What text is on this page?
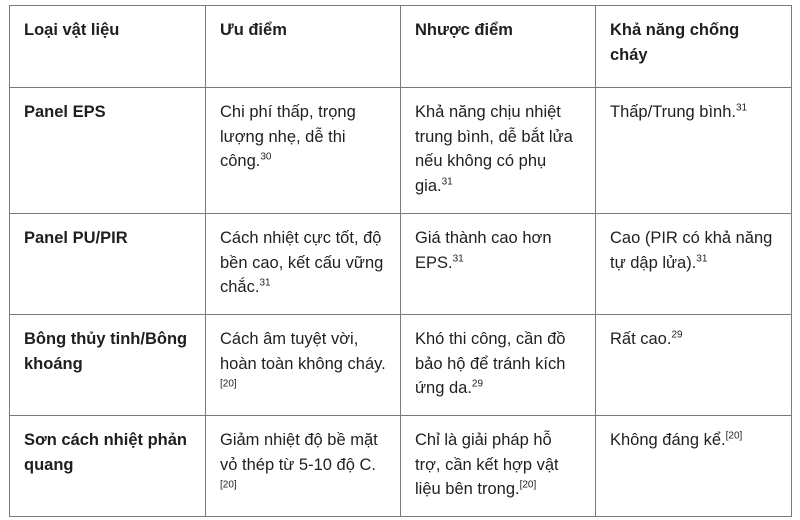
Loại vật liệu	Ưu điểm	Nhược điểm	Khả năng chống cháy
Panel EPS	Chi phí thấp, trọng lượng nhẹ, dễ thi công.$^{30}$	Khả năng chịu nhiệt trung bình, dễ bắt lửa nếu không có phụ gia.$^{31}$	Thấp/Trung bình.$^{31}$
Panel PU/PIR	Cách nhiệt cực tốt, độ bền cao, kết cấu vững chắc.$^{31}$	Giá thành cao hơn EPS.$^{31}$	Cao (PIR có khả năng tự dập lửa).$^{31}$
Bông thủy tinh/Bông khoáng	Cách âm tuyệt vời, hoàn toàn không cháy.[20]	Khó thi công, cần đồ bảo hộ để tránh kích ứng da.$^{29}$	Rất cao.$^{29}$
Sơn cách nhiệt phản quang	Giảm nhiệt độ bề mặt vỏ thép từ 5-10 độ C.[20]	Chỉ là giải pháp hỗ trợ, cần kết hợp vật liệu bên trong.[20]	Không đáng kể.[20]
